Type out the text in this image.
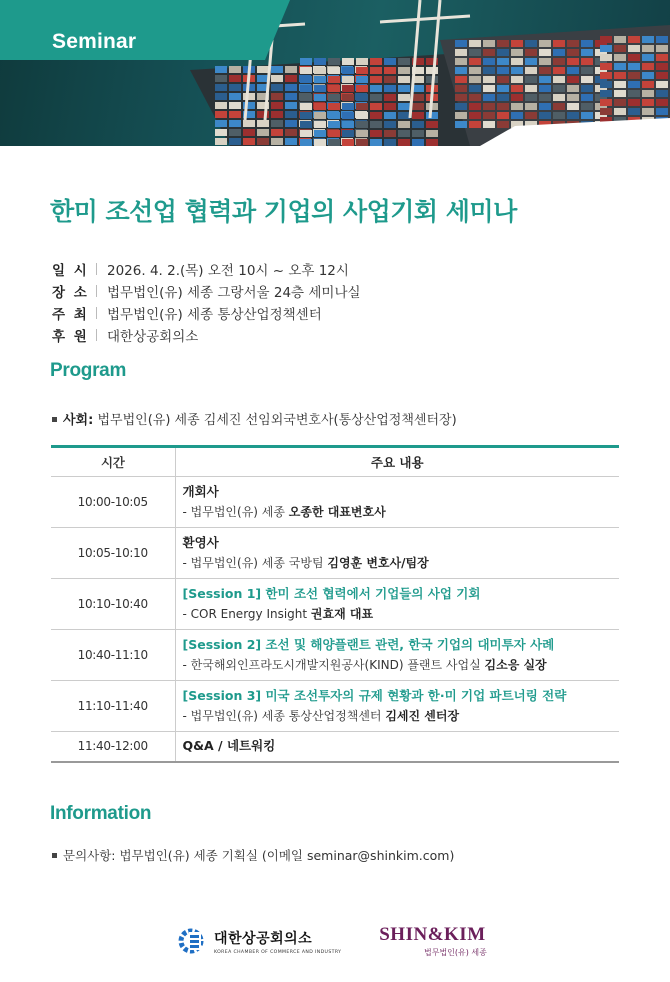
Seminar
한미 조선업 협력과 기업의 사업기회 세미나
일 시 2026. 4. 2.(목) 오전 10시 ~ 오후 12시
장 소 법무법인(유) 세종 그랑서울 24층 세미나실
주 최 법무법인(유) 세종 통상산업정책센터
후 원 대한상공회의소
Program
사회: 법무법인(유) 세종 김세진 선임외국변호사(통상산업정책센터장)
시간	주요 내용
10:00-10:05	개회사
- 법무법인(유) 세종 오종한 대표변호사

10:05-10:10	환영사
- 법무법인(유) 세종 국방팀 김영훈 변호사/팀장

10:10-10:40	[Session 1] 한미 조선 협력에서 기업들의 사업 기회
- COR Energy Insight 권효재 대표

10:40-11:10	[Session 2] 조선 및 해양플랜트 관련, 한국 기업의 대미투자 사례
- 한국해외인프라도시개발지원공사(KIND) 플랜트 사업실 김소응 실장

11:10-11:40	[Session 3] 미국 조선투자의 규제 현황과 한·미 기업 파트너링 전략
- 법무법인(유) 세종 통상산업정책센터 김세진 센터장

11:40-12:00	Q&A / 네트워킹
Information
문의사항: 법무법인(유) 세종 기획실 (이메일 seminar@shinkim.com)
대한상공회의소
KOREA CHAMBER OF COMMERCE AND INDUSTRY
SHIN&KIM
법무법인(유) 세종
